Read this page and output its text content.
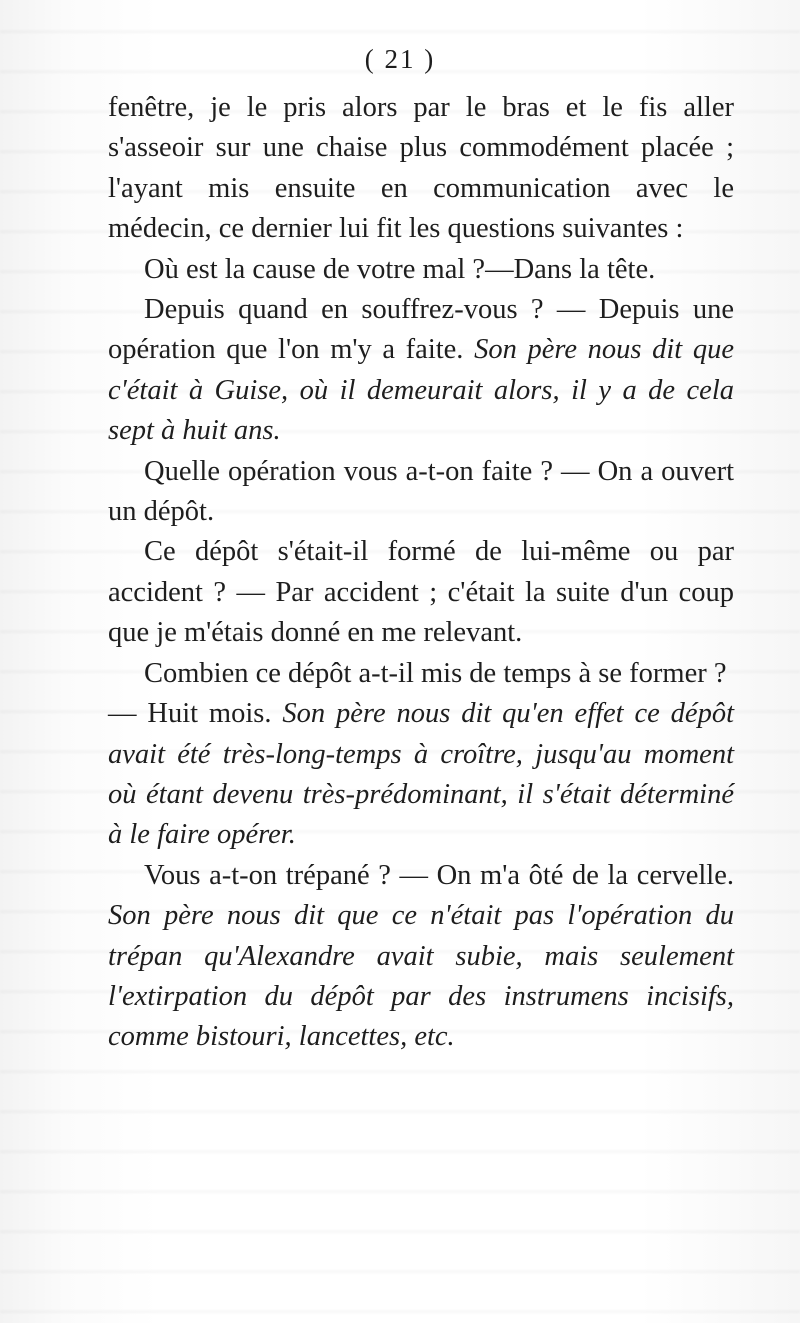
( 21 )

fenêtre, je le pris alors par le bras et le fis aller s'asseoir sur une chaise plus commodément placée ; l'ayant mis ensuite en communication avec le médecin, ce dernier lui fit les questions suivantes :

Où est la cause de votre mal ?—Dans la tête.

Depuis quand en souffrez-vous ? — Depuis une opération que l'on m'y a faite. Son père nous dit que c'était à Guise, où il demeurait alors, il y a de cela sept à huit ans.

Quelle opération vous a-t-on faite ? — On a ouvert un dépôt.

Ce dépôt s'était-il formé de lui-même ou par accident ? — Par accident ; c'était la suite d'un coup que je m'étais donné en me relevant.

Combien ce dépôt a-t-il mis de temps à se former ?

— Huit mois. Son père nous dit qu'en effet ce dépôt avait été très-long-temps à croître, jusqu'au moment où étant devenu très-prédominant, il s'était déterminé à le faire opérer.

Vous a-t-on trépané ? — On m'a ôté de la cervelle. Son père nous dit que ce n'était pas l'opération du trépan qu'Alexandre avait subie, mais seulement l'extirpation du dépôt par des instrumens incisifs, comme bistouri, lancettes, etc.
